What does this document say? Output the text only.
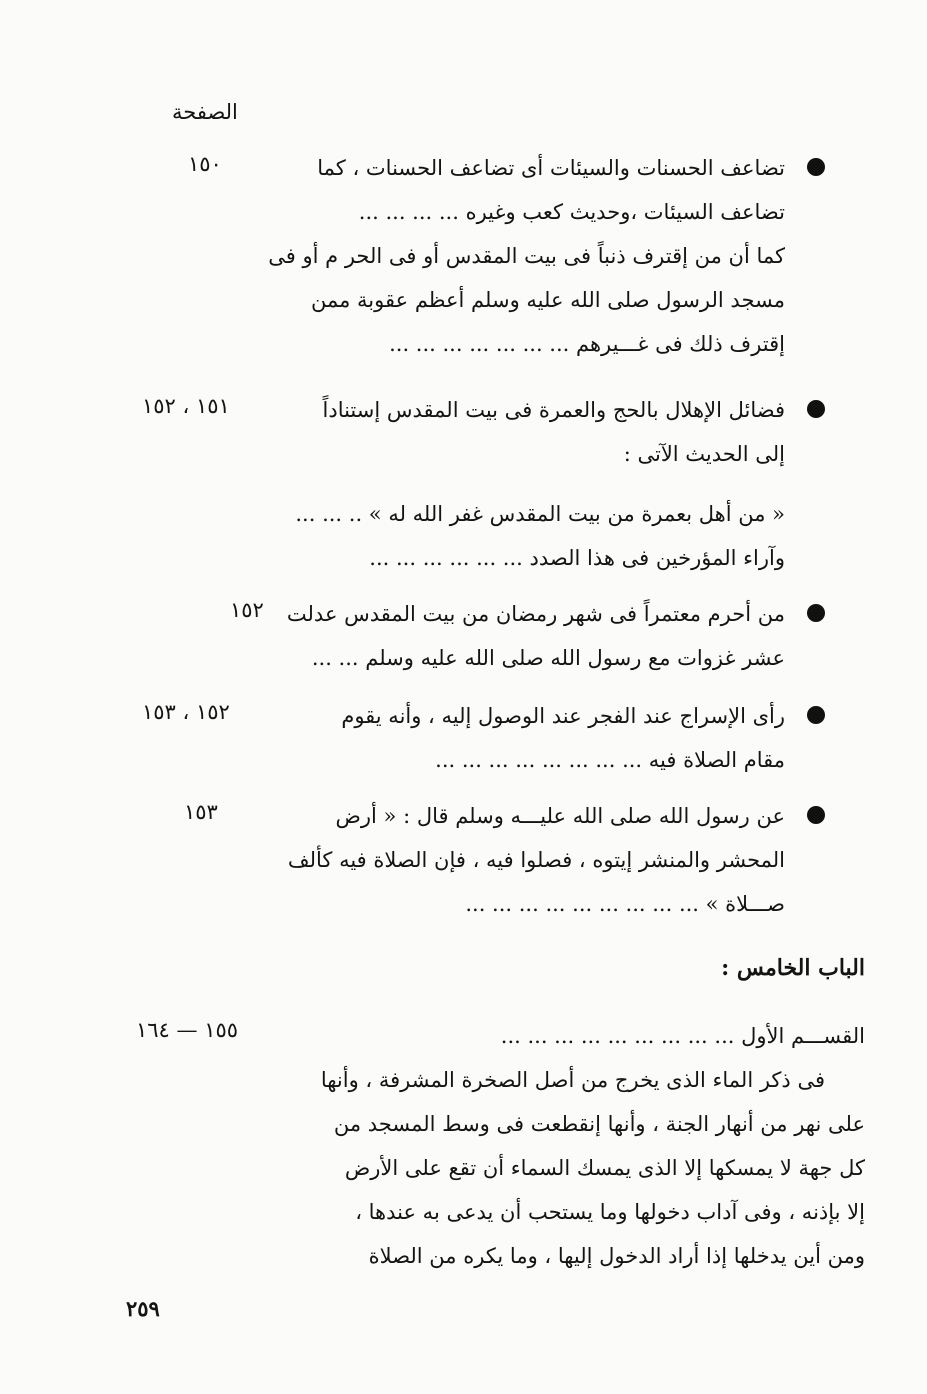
الصفحة
تضاعف الحسنات والسيئات أى تضاعف الحسنات ، كما
تضاعف السيئات ،وحديث كعب وغيره ... ... ... ...
كما أن من إقترف ذنباً فى بيت المقدس أو فى الحر م أو فى
مسجد الرسول صلى الله عليه وسلم أعظم عقوبة ممن
إقترف ذلك فى غـــيرهم ... ... ... ... ... ... ...
١٥٠
فضائل الإهلال بالحج والعمرة فى بيت المقدس إستناداً
إلى الحديث الآتى :
« من أهل بعمرة من بيت المقدس غفر الله له » .. ... ...
وآراء المؤرخين فى هذا الصدد ... ... ... ... ... ...
١٥١ ، ١٥٢
من أحرم معتمراً فى شهر رمضان من بيت المقدس عدلت
عشر غزوات مع رسول الله صلى الله عليه وسلم ... ...
١٥٢
رأى الإسراج عند الفجر عند الوصول إليه ، وأنه يقوم
مقام الصلاة فيه ... ... ... ... ... ... ... ...
١٥٢ ، ١٥٣
عن رسول الله صلى الله عليـــه وسلم قال : « أرض
المحشر والمنشر إيتوه ، فصلوا فيه ، فإن الصلاة فيه كألف
صـــلاة » ... ... ... ... ... ... ... ... ...
١٥٣
الباب الخامس :
القســـم الأول ... ... ... ... ... ... ... ... ...
فى ذكر الماء الذى يخرج من أصل الصخرة المشرفة ، وأنها
على نهر من أنهار الجنة ، وأنها إنقطعت فى وسط المسجد من
كل جهة لا يمسكها إلا الذى يمسك السماء أن تقع على الأرض
إلا بإذنه ، وفى آداب دخولها وما يستحب أن يدعى به عندها ،
ومن أين يدخلها إذا أراد الدخول إليها ، وما يكره من الصلاة
١٥٥ — ١٦٤
٢٥٩
